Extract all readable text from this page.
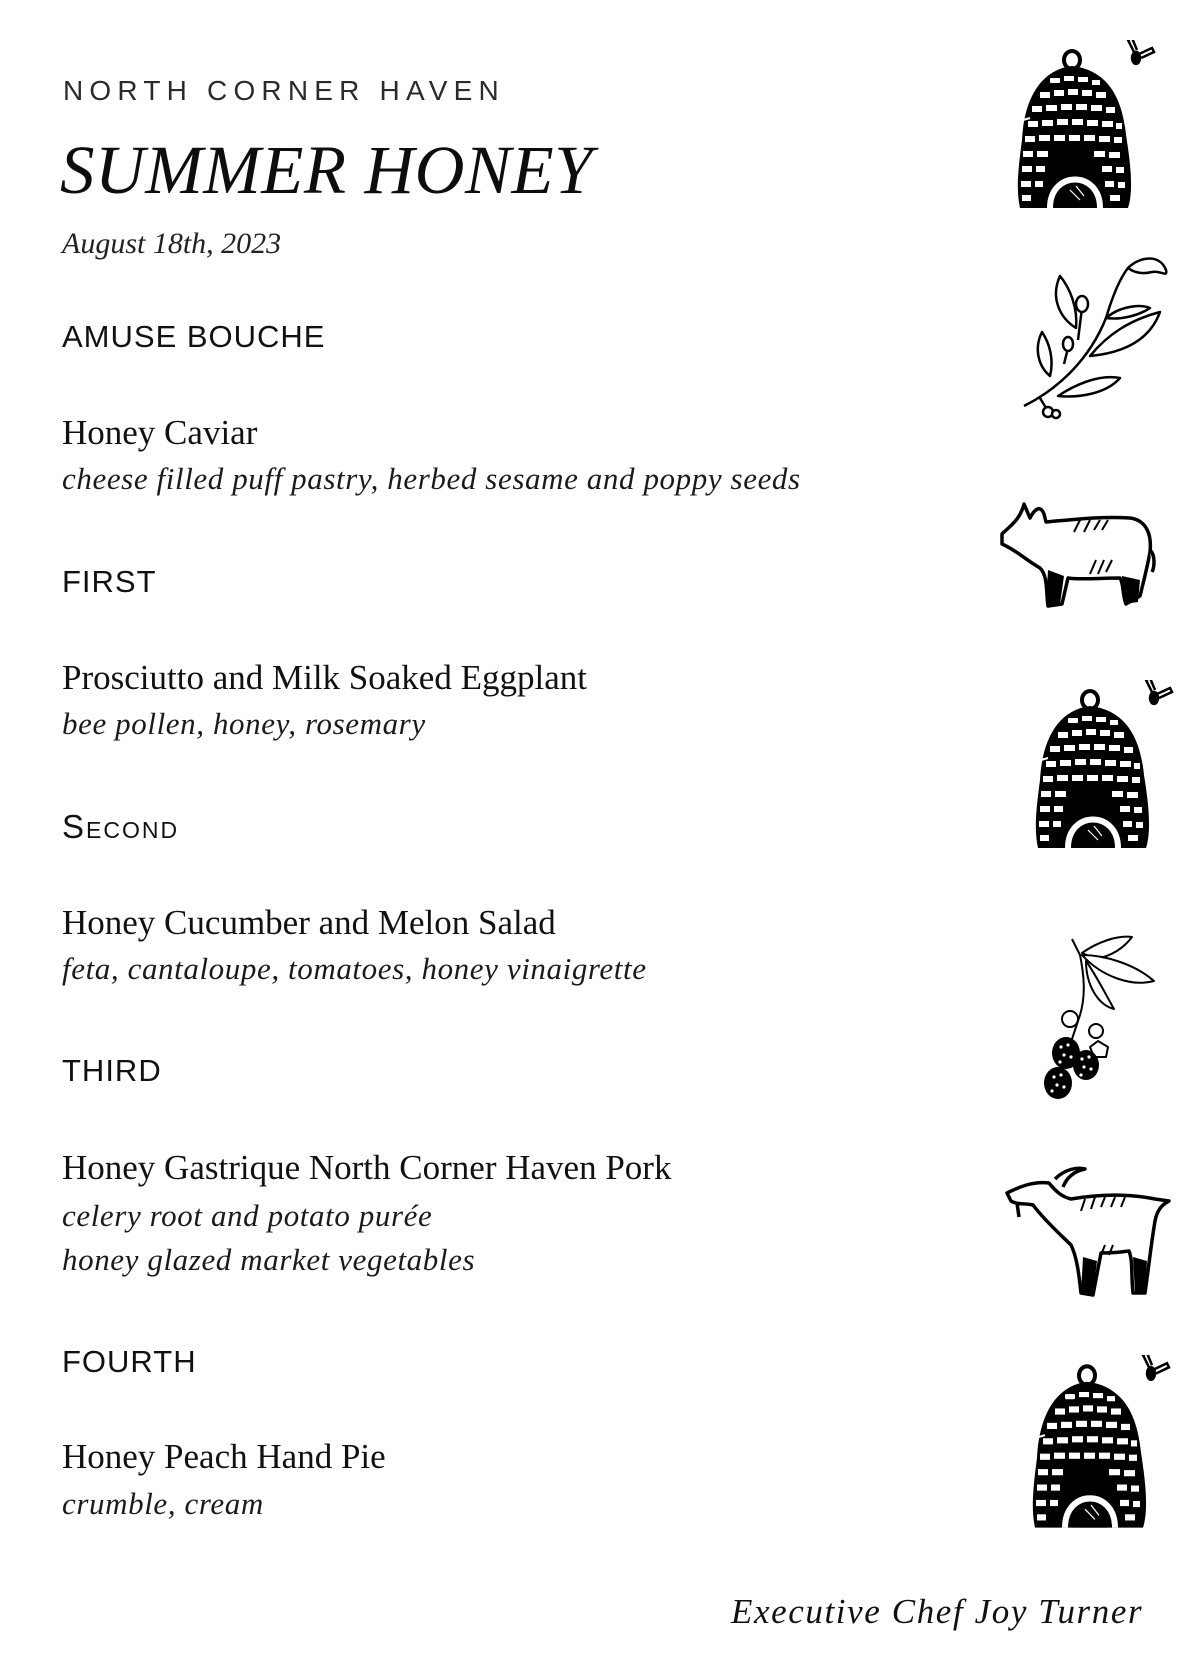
NORTH CORNER HAVEN
SUMMER HONEY
August 18th, 2023
AMUSE BOUCHE
Honey Caviar
cheese filled puff pastry, herbed sesame and poppy seeds
FIRST
Prosciutto and Milk Soaked Eggplant
bee pollen, honey, rosemary
Second
Honey Cucumber and Melon Salad
feta, cantaloupe, tomatoes, honey vinaigrette
THIRD
Honey Gastrique North Corner Haven Pork
celery root and potato purée
honey glazed market vegetables
FOURTH
Honey Peach Hand Pie
crumble, cream
Executive Chef Joy Turner
